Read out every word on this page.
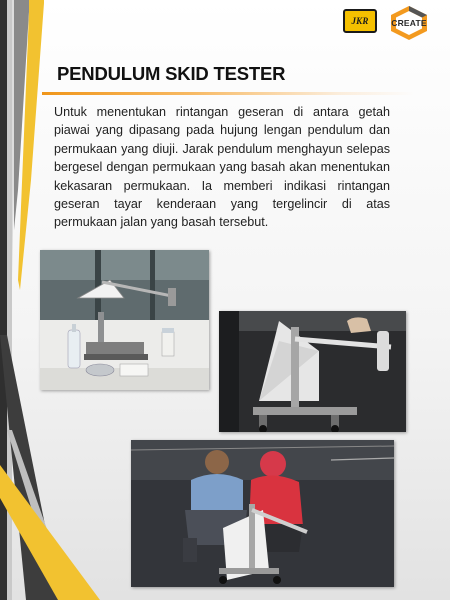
JKR	CREATE
PENDULUM SKID TESTER

Untuk menentukan rintangan geseran di antara getah piawai yang dipasang pada hujung lengan pendulum dan permukaan yang diuji. Jarak pendulum menghayun selepas bergesel dengan permukaan yang basah akan menentukan kekasaran permukaan. Ia memberi indikasi rintangan geseran tayar kenderaan yang tergelincir di atas permukaan jalan yang basah tersebut.
